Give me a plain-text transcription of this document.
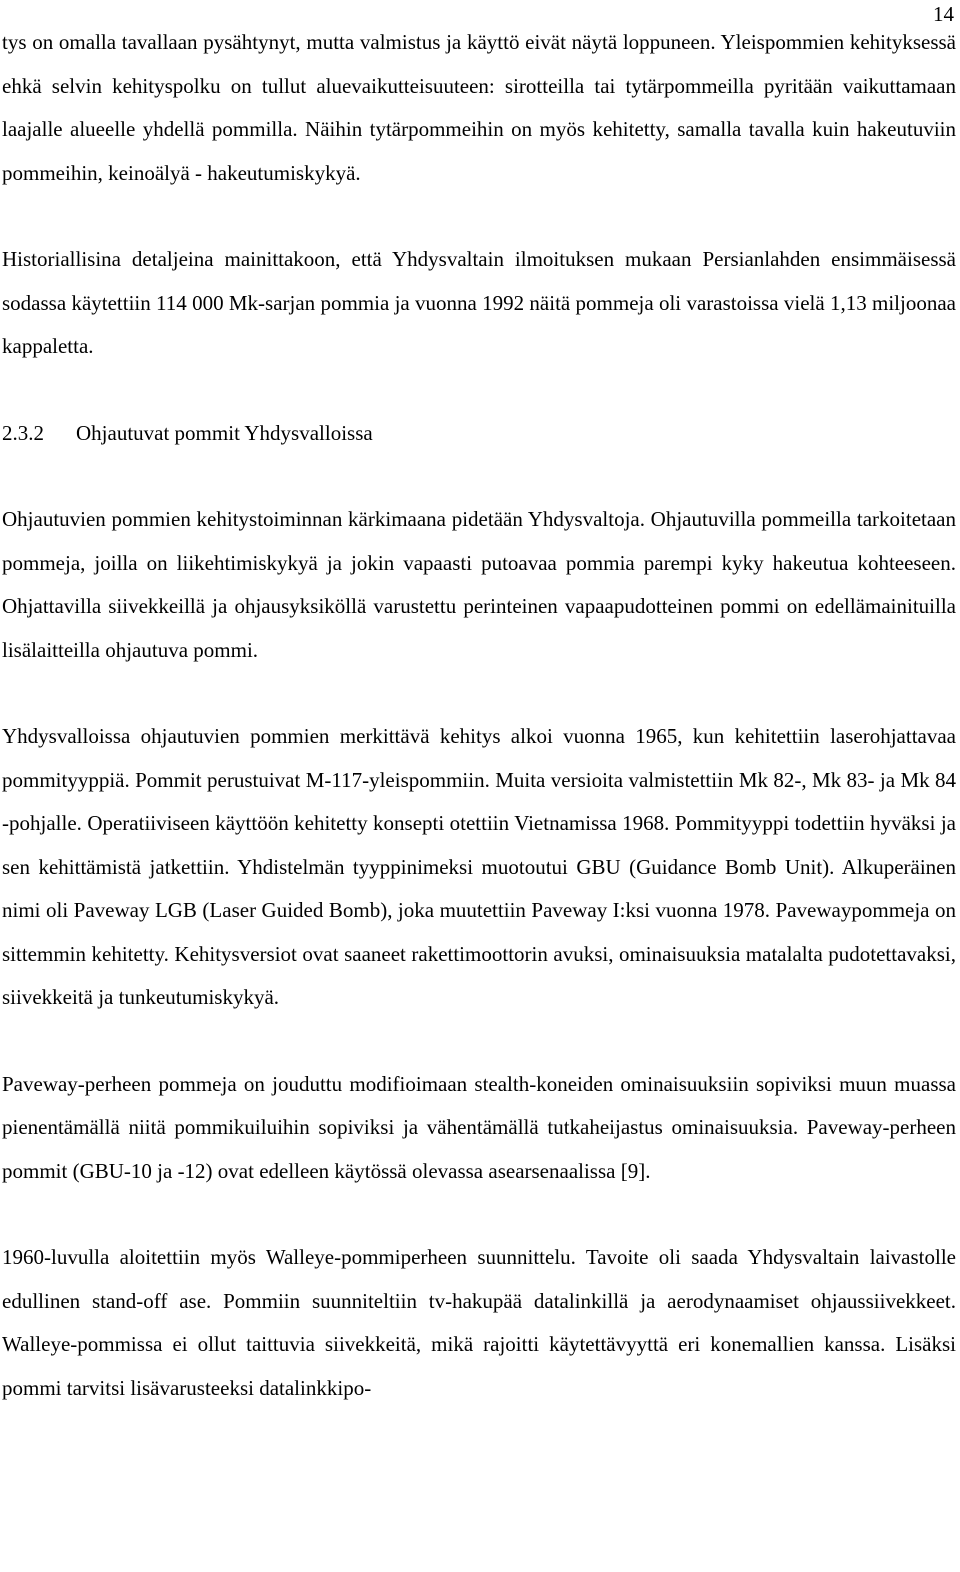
14

tys on omalla tavallaan pysähtynyt, mutta valmistus ja käyttö eivät näytä loppuneen. Yleispommien kehityksessä ehkä selvin kehityspolku on tullut aluevaikutteisuuteen: sirotteilla tai tytärpommeilla pyritään vaikuttamaan laajalle alueelle yhdellä pommilla. Näihin tytärpommeihin on myös kehitetty, samalla tavalla kuin hakeutuviin pommeihin, keinoälyä - hakeutumiskykyä.

Historiallisina detaljeina mainittakoon, että Yhdysvaltain ilmoituksen mukaan Persianlahden ensimmäisessä sodassa käytettiin 114 000 Mk-sarjan pommia ja vuonna 1992 näitä pommeja oli varastoissa vielä 1,13 miljoonaa kappaletta.

2.3.2 Ohjautuvat pommit Yhdysvalloissa

Ohjautuvien pommien kehitystoiminnan kärkimaana pidetään Yhdysvaltoja. Ohjautuvilla pommeilla tarkoitetaan pommeja, joilla on liikehtimiskykyä ja jokin vapaasti putoavaa pommia parempi kyky hakeutua kohteeseen. Ohjattavilla siivekkeillä ja ohjausyksiköllä varustettu perinteinen vapaapudotteinen pommi on edellämainituilla lisälaitteilla ohjautuva pommi.

Yhdysvalloissa ohjautuvien pommien merkittävä kehitys alkoi vuonna 1965, kun kehitettiin laserohjattavaa pommityyppiä. Pommit perustuivat M-117-yleispommiin. Muita versioita valmistettiin Mk 82-, Mk 83- ja Mk 84 -pohjalle. Operatiiviseen käyttöön kehitetty konsepti otettiin Vietnamissa 1968. Pommityyppi todettiin hyväksi ja sen kehittämistä jatkettiin. Yhdistelmän tyyppinimeksi muotoutui GBU (Guidance Bomb Unit). Alkuperäinen nimi oli Paveway LGB (Laser Guided Bomb), joka muutettiin Paveway I:ksi vuonna 1978. Pavewaypommeja on sittemmin kehitetty. Kehitysversiot ovat saaneet rakettimoottorin avuksi, ominaisuuksia matalalta pudotettavaksi, siivekkeitä ja tunkeutumiskykyä.

Paveway-perheen pommeja on jouduttu modifioimaan stealth-koneiden ominaisuuksiin sopiviksi muun muassa pienentämällä niitä pommikuiluihin sopiviksi ja vähentämällä tutkaheijastus ominaisuuksia. Paveway-perheen pommit (GBU-10 ja -12) ovat edelleen käytössä olevassa asearsenaalissa [9].

1960-luvulla aloitettiin myös Walleye-pommiperheen suunnittelu. Tavoite oli saada Yhdysvaltain laivastolle edullinen stand-off ase. Pommiin suunniteltiin tv-hakupää datalinkillä ja aerodynaamiset ohjaussiivekkeet. Walleye-pommissa ei ollut taittuvia siivekkeitä, mikä rajoitti käytettävyyttä eri konemallien kanssa. Lisäksi pommi tarvitsi lisävarusteeksi datalinkkipo-
